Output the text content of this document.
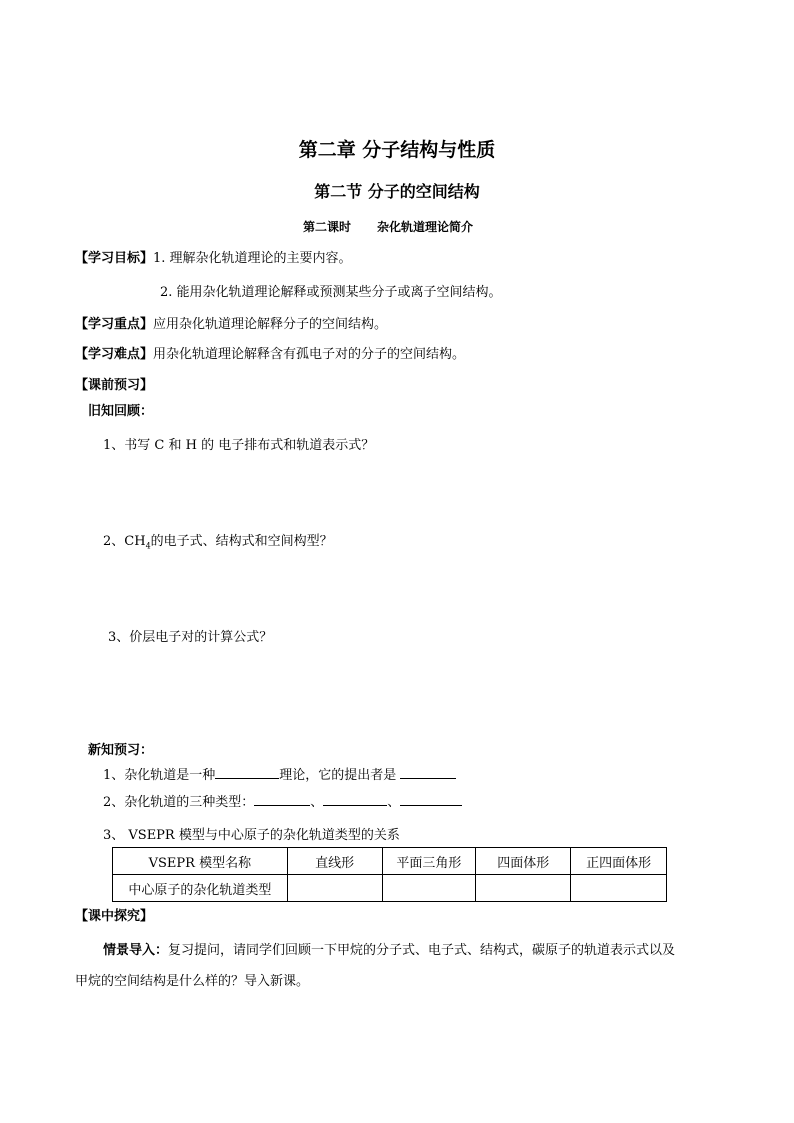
第二章 分子结构与性质
第二节 分子的空间结构
第二课时 杂化轨道理论简介
【学习目标】1. 理解杂化轨道理论的主要内容。
2. 能用杂化轨道理论解释或预测某些分子或离子空间结构。
【学习重点】应用杂化轨道理论解释分子的空间结构。
【学习难点】用杂化轨道理论解释含有孤电子对的分子的空间结构。
【课前预习】
旧知回顾：
1、书写 C 和 H 的 电子排布式和轨道表示式？
2、$CH_4$的电子式、结构式和空间构型？
3、价层电子对的计算公式？
新知预习：
1、杂化轨道是一种	理论，它的提出者是
2、杂化轨道的三种类型：	、	、
3、 VSEPR 模型与中心原子的杂化轨道类型的关系
VSEPR 模型名称	直线形	平面三角形	四面体形	正四面体形
中心原子的杂化轨道类型				
【课中探究】
情景导入：复习提问，请同学们回顾一下甲烷的分子式、电子式、结构式，碳原子的轨道表示式以及
甲烷的空间结构是什么样的？导入新课。
